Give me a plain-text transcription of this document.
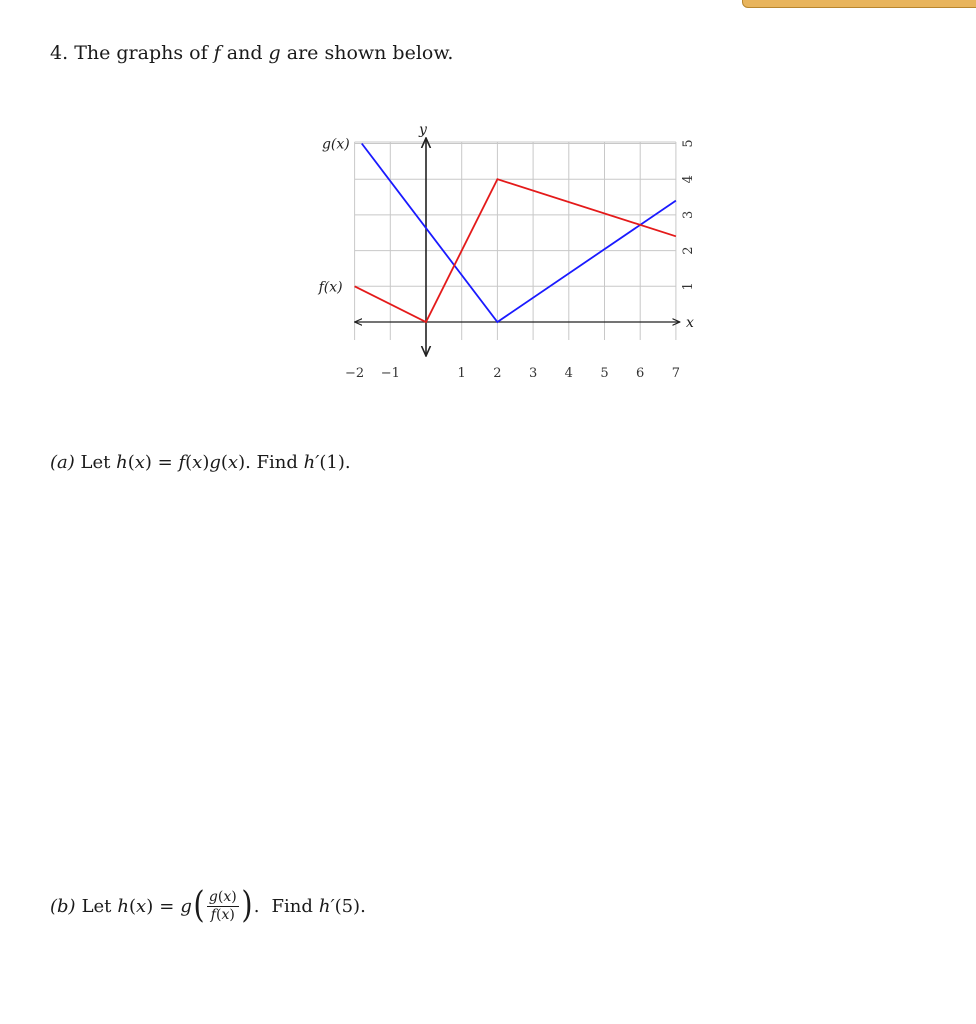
4. The graphs of f and g are shown below.
y
x
−2 −1	1 2 3 4 5 6 7
1
2
3
4
5
g(x)
f(x)
(a) Let h(x) = f(x)g(x). Find h′(1).
(b) Let h ( x ) = g ( $\frac{g(x)}{f(x)}$ ) . Find h′ ( 5 ).
